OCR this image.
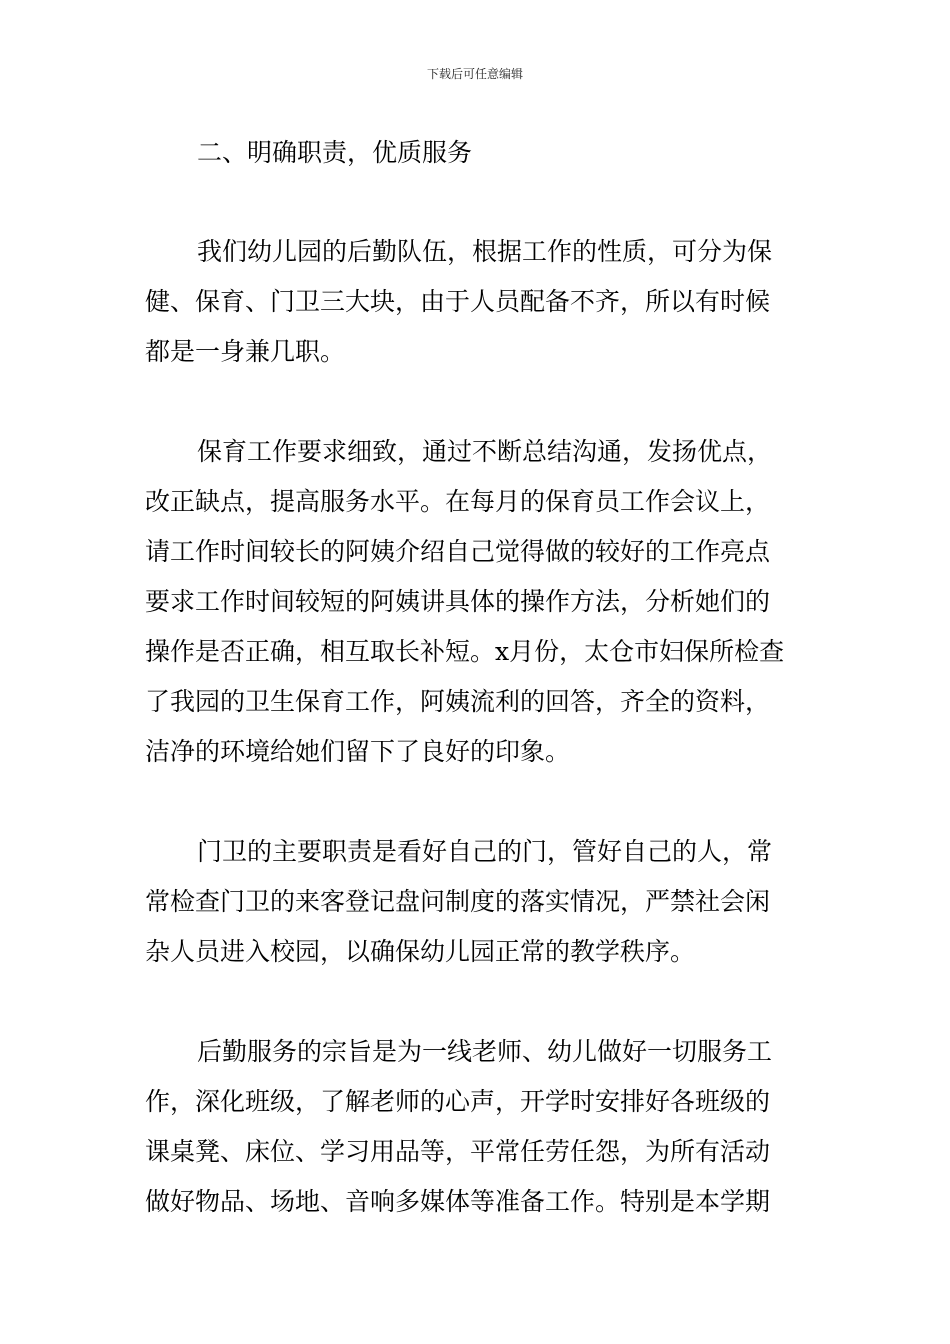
下载后可任意编辑
二、明确职责，优质服务
我们幼儿园的后勤队伍，根据工作的性质，可分为保
健、保育、门卫三大块，由于人员配备不齐，所以有时候
都是一身兼几职。
保育工作要求细致，通过不断总结沟通，发扬优点，
改正缺点，提高服务水平。在每月的保育员工作会议上，
请工作时间较长的阿姨介绍自己觉得做的较好的工作亮点
要求工作时间较短的阿姨讲具体的操作方法，分析她们的
操作是否正确，相互取长补短。x月份，太仓市妇保所检查
了我园的卫生保育工作，阿姨流利的回答，齐全的资料，
洁净的环境给她们留下了良好的印象。
门卫的主要职责是看好自己的门，管好自己的人，常
常检查门卫的来客登记盘问制度的落实情况，严禁社会闲
杂人员进入校园，以确保幼儿园正常的教学秩序。
后勤服务的宗旨是为一线老师、幼儿做好一切服务工
作，深化班级，了解老师的心声，开学时安排好各班级的
课桌凳、床位、学习用品等，平常任劳任怨，为所有活动
做好物品、场地、音响多媒体等准备工作。特别是本学期
